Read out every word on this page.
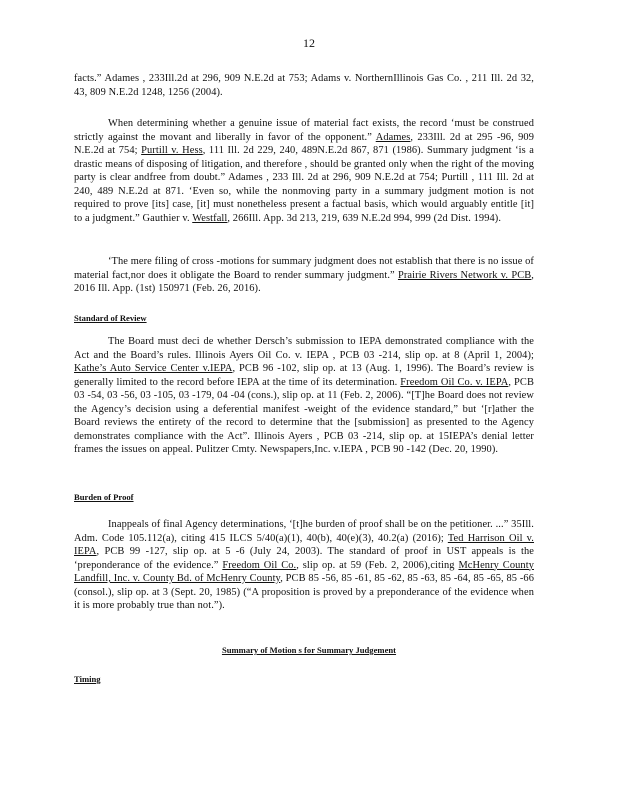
12

facts.” Adames , 233Ill.2d at 296, 909 N.E.2d at 753; Adams v. NorthernIllinois Gas Co. , 211 Ill. 2d 32, 43, 809 N.E.2d 1248, 1256 (2004).

When determining whether a genuine issue of material fact exists, the record ‘must be construed strictly against the movant and liberally in favor of the opponent.” Adames, 233Ill. 2d at 295 -96, 909 N.E.2d at 754; Purtill v. Hess, 111 Ill. 2d 229, 240, 489N.E.2d 867, 871 (1986). Summary judgment ‘is a drastic means of disposing of litigation, and therefore , should be granted only when the right of the moving party is clear andfree from doubt.” Adames , 233 Ill. 2d at 296, 909 N.E.2d at 754; Purtill , 111 Ill. 2d at 240, 489 N.E.2d at 871. ‘Even so, while the nonmoving party in a summary judgment motion is not required to prove [its] case, [it] must nonetheless present a factual basis, which would arguably entitle [it] to a judgment.” Gauthier v. Westfall, 266Ill. App. 3d 213, 219, 639 N.E.2d 994, 999 (2d Dist. 1994).

‘The mere filing of cross -motions for summary judgment does not establish that there is no issue of material fact,nor does it obligate the Board to render summary judgment.” Prairie Rivers Network v. PCB, 2016 Ill. App. (1st) 150971 (Feb. 26, 2016).

Standard of Review

The Board must deci de whether Dersch’s submission to IEPA demonstrated compliance with the Act and the Board’s rules. Illinois Ayers Oil Co. v. IEPA , PCB 03 -214, slip op. at 8 (April 1, 2004); Kathe’s Auto Service Center v.IEPA, PCB 96 -102, slip op. at 13 (Aug. 1, 1996). The Board’s review is generally limited to the record before IEPA at the time of its determination. Freedom Oil Co. v. IEPA, PCB 03 -54, 03 -56, 03 -105, 03 -179, 04 -04 (cons.), slip op. at 11 (Feb. 2, 2006). “[T]he Board does not review the Agency’s decision using a deferential manifest -weight of the evidence standard,” but ‘[r]ather the Board reviews the entirety of the record to determine that the [submission] as presented to the Agency demonstrates compliance with the Act”. Illinois Ayers , PCB 03 -214, slip op. at 15IEPA’s denial letter frames the issues on appeal. Pulitzer Cmty. Newspapers,Inc. v.IEPA , PCB 90 -142 (Dec. 20, 1990).

Burden of Proof

Inappeals of final Agency determinations, ‘[t]he burden of proof shall be on the petitioner. ...” 35Ill. Adm. Code 105.112(a), citing 415 ILCS 5/40(a)(1), 40(b), 40(e)(3), 40.2(a) (2016); Ted Harrison Oil v. IEPA, PCB 99 -127, slip op. at 5 -6 (July 24, 2003). The standard of proof in UST appeals is the ‘preponderance of the evidence.” Freedom Oil Co., slip op. at 59 (Feb. 2, 2006),citing McHenry County Landfill, Inc. v. County Bd. of McHenry County, PCB 85 -56, 85 -61, 85 -62, 85 -63, 85 -64, 85 -65, 85 -66 (consol.), slip op. at 3 (Sept. 20, 1985) (“A proposition is proved by a preponderance of the evidence when it is more probably true than not.”).

Summary of Motion s for Summary Judgement
Timing
